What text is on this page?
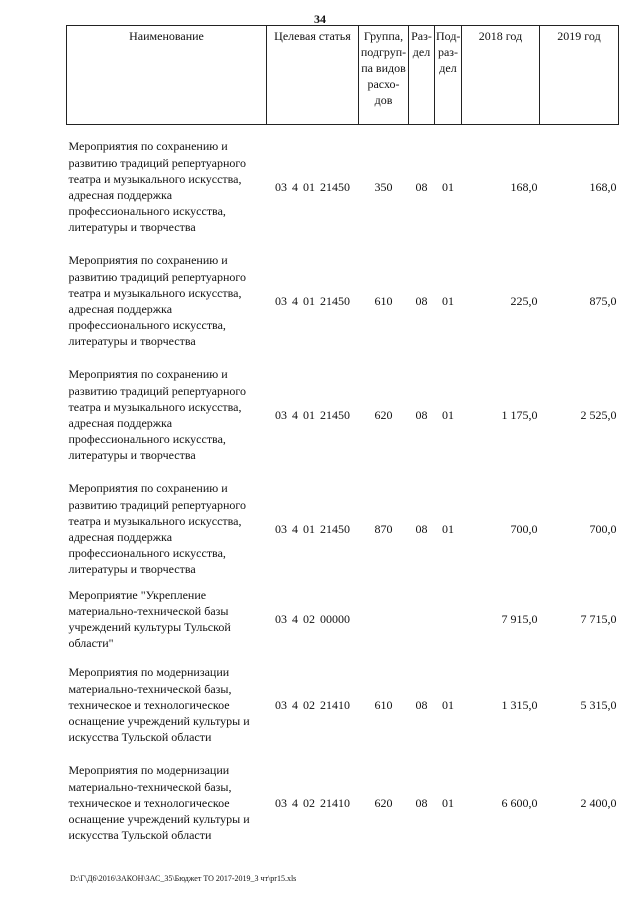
34
Наименование	Целевая статья	Группа, подгруп-па видов расхо-дов	Раз-дел	Под-раз-дел	2018 год	2019 год

Мероприятия по сохранению и развитию традиций репертуарного театра и музыкального искусства, адресная поддержка профессионального искусства, литературы и творчества	03 4 01 21450	350	08	01	168,0	168,0

Мероприятия по сохранению и развитию традиций репертуарного театра и музыкального искусства, адресная поддержка профессионального искусства, литературы и творчества	03 4 01 21450	610	08	01	225,0	875,0

Мероприятия по сохранению и развитию традиций репертуарного театра и музыкального искусства, адресная поддержка профессионального искусства, литературы и творчества	03 4 01 21450	620	08	01	1 175,0	2 525,0

Мероприятия по сохранению и развитию традиций репертуарного театра и музыкального искусства, адресная поддержка профессионального искусства, литературы и творчества	03 4 01 21450	870	08	01	700,0	700,0

Мероприятие "Укрепление материально-технической базы учреждений культуры Тульской области"	03 4 02 00000				7 915,0	7 715,0

Мероприятия по модернизации материально-технической базы, техническое и технологическое оснащение учреждений культуры и искусства Тульской области	03 4 02 21410	610	08	01	1 315,0	5 315,0

Мероприятия по модернизации материально-технической базы, техническое и технологическое оснащение учреждений культуры и искусства Тульской области	03 4 02 21410	620	08	01	6 600,0	2 400,0
D:\Г\Д6\2016\ЗАКОН\ЗАС_35\Бюджет ТО 2017-2019_3 чт\pr15.xls
